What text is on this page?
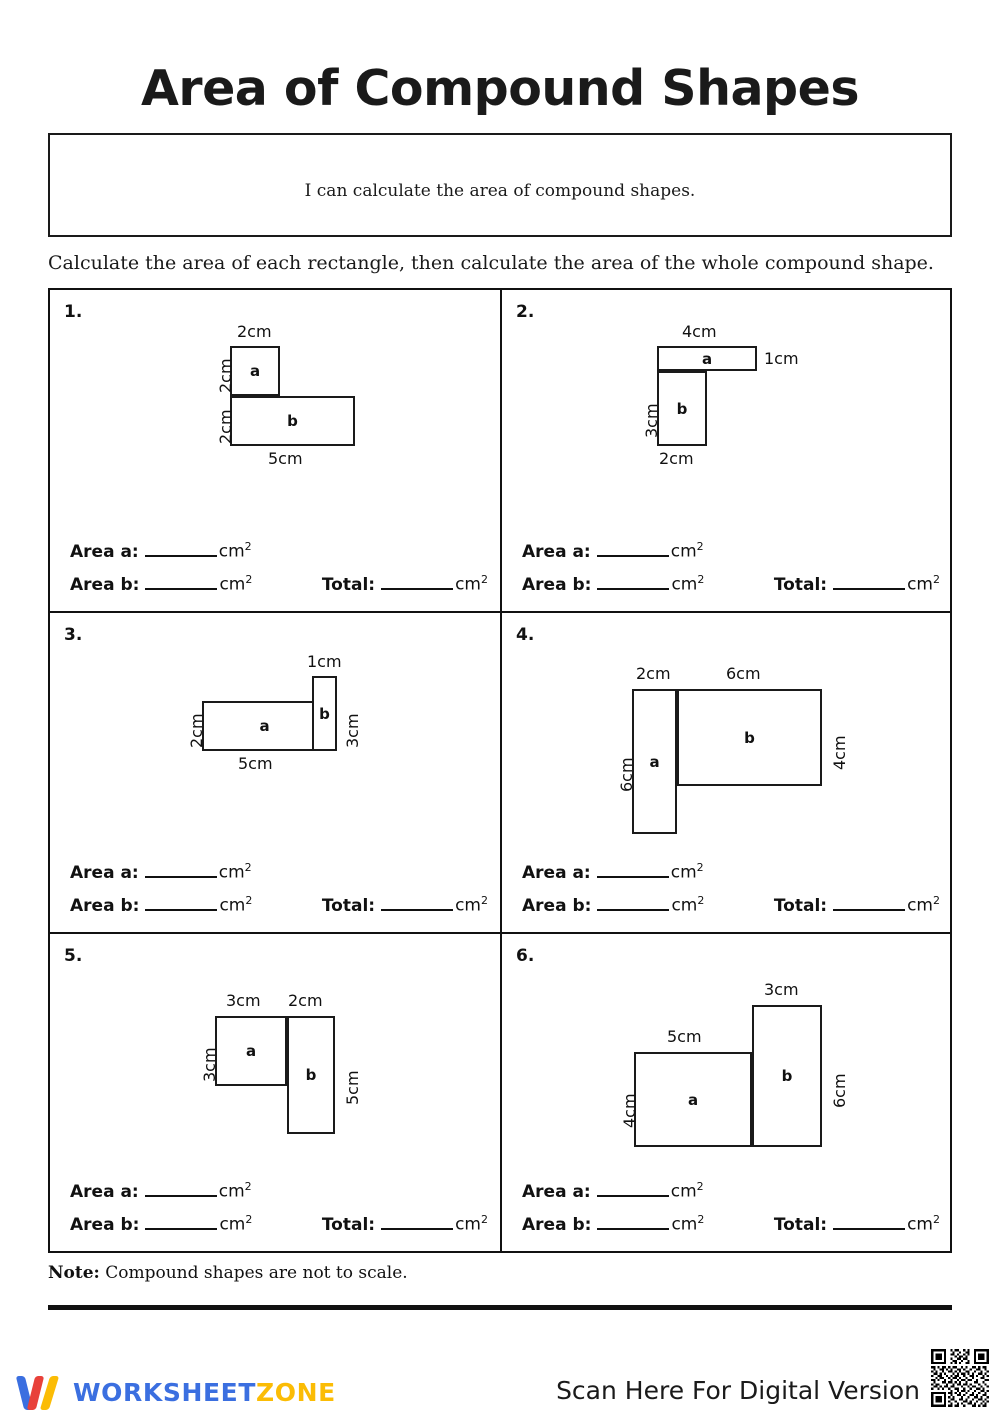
Area of Compound Shapes
I can calculate the area of compound shapes.
Calculate the area of each rectangle, then calculate the area of the whole compound shape.
1.
a
b
2cm
2cm
2cm
5cm
Area a:	$cm^2$
Area b:	$cm^2$	Total:	$cm^2$
2.
a
b
4cm
1cm
3cm
2cm
Area a:	$cm^2$
Area b:	$cm^2$	Total:	$cm^2$
3.
a
b
1cm
2cm	3cm
5cm
Area a:	$cm^2$
Area b:	$cm^2$	Total:	$cm^2$
4.
a
b
2cm	6cm
6cm
4cm
Area a:	$cm^2$
Area b:	$cm^2$	Total:	$cm^2$
5.
a
b
3cm 2cm
3cm
5cm
Area a:	$cm^2$
Area b:	$cm^2$	Total:	$cm^2$
6.
a
b
3cm
5cm
4cm
6cm
Area a:	$cm^2$
Area b:	$cm^2$	Total:	$cm^2$
Note: Compound shapes are not to scale.
WORKSHEETZONE	Scan Here For Digital Version
